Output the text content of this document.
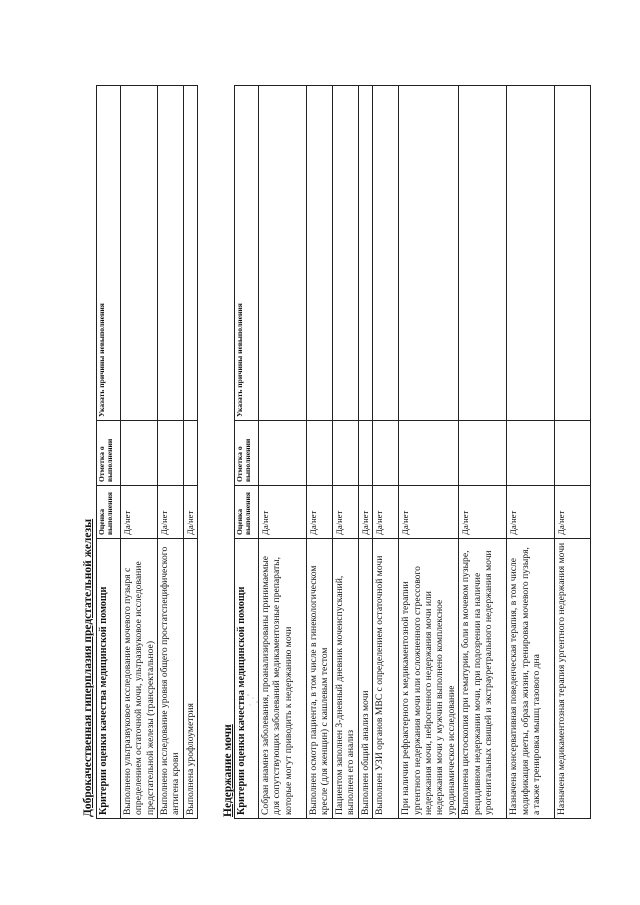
Доброкачественная гиперплазия предстательной железы Критерии оценки качества медицинской помощи	Оценка выполнения	Отметка о выполнении	Указать причины невыполнения
Выполнено ультразвуковое исследование мочевого пузыря с определением остаточной мочи, ультразвуковое исследование предстательной железы (трансректальное)	Да/нет		
Выполнено исследование уровня общего простатспецифического антигена крови	Да/нет		
Выполнена урофлоуметрия	Да/нет		
Недержание мочи Критерии оценки качества медицинской помощи	Оценка выполнения	Отметка о выполнении	Указать причины невыполнения
Собран анамнез заболевания, проанализированы принимаемые для сопутствующих заболеваний медикаментозные препараты, которые могут приводить к недержанию мочи	Да/нет		
Выполнен осмотр пациента, в том числе в гинекологическом кресле (для женщин) с кашлевым тестом	Да/нет		
Пациентом заполнен 3-дневный дневник мочеиспусканий, выполнен его анализ	Да/нет		
Выполнен общий анализ мочи	Да/нет		
Выполнен УЗИ органов МВС с определением остаточной мочи	Да/нет		
При наличии рефрактерного к медикаментозной терапии ургентного недержания мочи или осложненного стрессового недержания мочи, нейрогенного недержания мочи или недержания мочи у мужчин выполнено комплексное уродинамическое исследование	Да/нет		
Выполнена цистоскопия при гематурии, боли в мочевом пузыре, рецидивном недержании мочи, при подозрении на наличие урогенитальных свищей и экстрауретрального недержания мочи	Да/нет		
Назначена консервативная поведенческая терапия, в том числе модификация диеты, образа жизни, тренировка мочевого пузыря, а также тренировка мышц тазового дна	Да/нет		
Назначена медикаментозная терапия ургентного недержания мочи	Да/нет		
